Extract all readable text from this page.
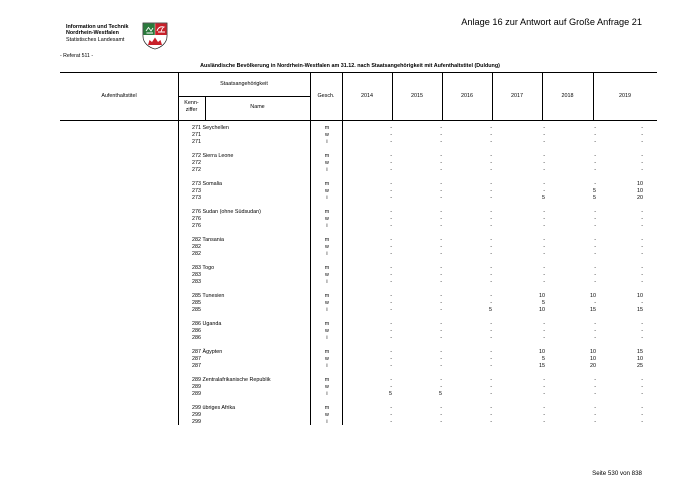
Information und Technik
Nordrhein-Westfalen
Statistisches Landesamt
Anlage 16 zur Antwort auf Große Anfrage 21
- Referat 511 -
Ausländische Bevölkerung in Nordrhein-Westfalen am 31.12. nach Staatsangehörigkeit mit Aufenthaltstitel (Duldung)
Aufenthaltstitel
Staatsangehörigkeit
Kenn-
ziffer	Name
Gesch.	2014	2015	2016	2017	2018	2019
271 Seychellen	m	-	-	-	-	-	-
271	w	-	-	-	-	-	-
271	i	-	-	-	-	-	-
272 Sierra Leone	m	-	-	-	-	-	-
272	w	-	-	-	-	-	-
272	i	-	-	-	-	-	-
273 Somalia	m	-	-	-	-	-	10
273	w	-	-	-	-	5	10
273	i	-	-	-	5	5	20
276 Sudan (ohne Südsudan)	m	-	-	-	-	-	-
276	w	-	-	-	-	-	-
276	i	-	-	-	-	-	-
282 Tansania	m	-	-	-	-	-	-
282	w	-	-	-	-	-	-
282	i	-	-	-	-	-	-
283 Togo	m	-	-	-	-	-	-
283	w	-	-	-	-	-	-
283	i	-	-	-	-	-	-
285 Tunesien	m	-	-	-	10	10	10
285	w	-	-	-	5	-	-
285	i	-	-	5	10	15	15
286 Uganda	m	-	-	-	-	-	-
286	w	-	-	-	-	-	-
286	i	-	-	-	-	-	-
287 Ägypten	m	-	-	-	10	10	15
287	w	-	-	-	5	10	10
287	i	-	-	-	15	20	25
289 Zentralafrikanische Republik	m	-	-	-	-	-	-
289	w	-	-	-	-	-	-
289	i	5	5	-	-	-	-
299 übriges Afrika	m	-	-	-	-	-	-
299	w	-	-	-	-	-	-
299	i	-	-	-	-	-	-
Seite 530 von 838
